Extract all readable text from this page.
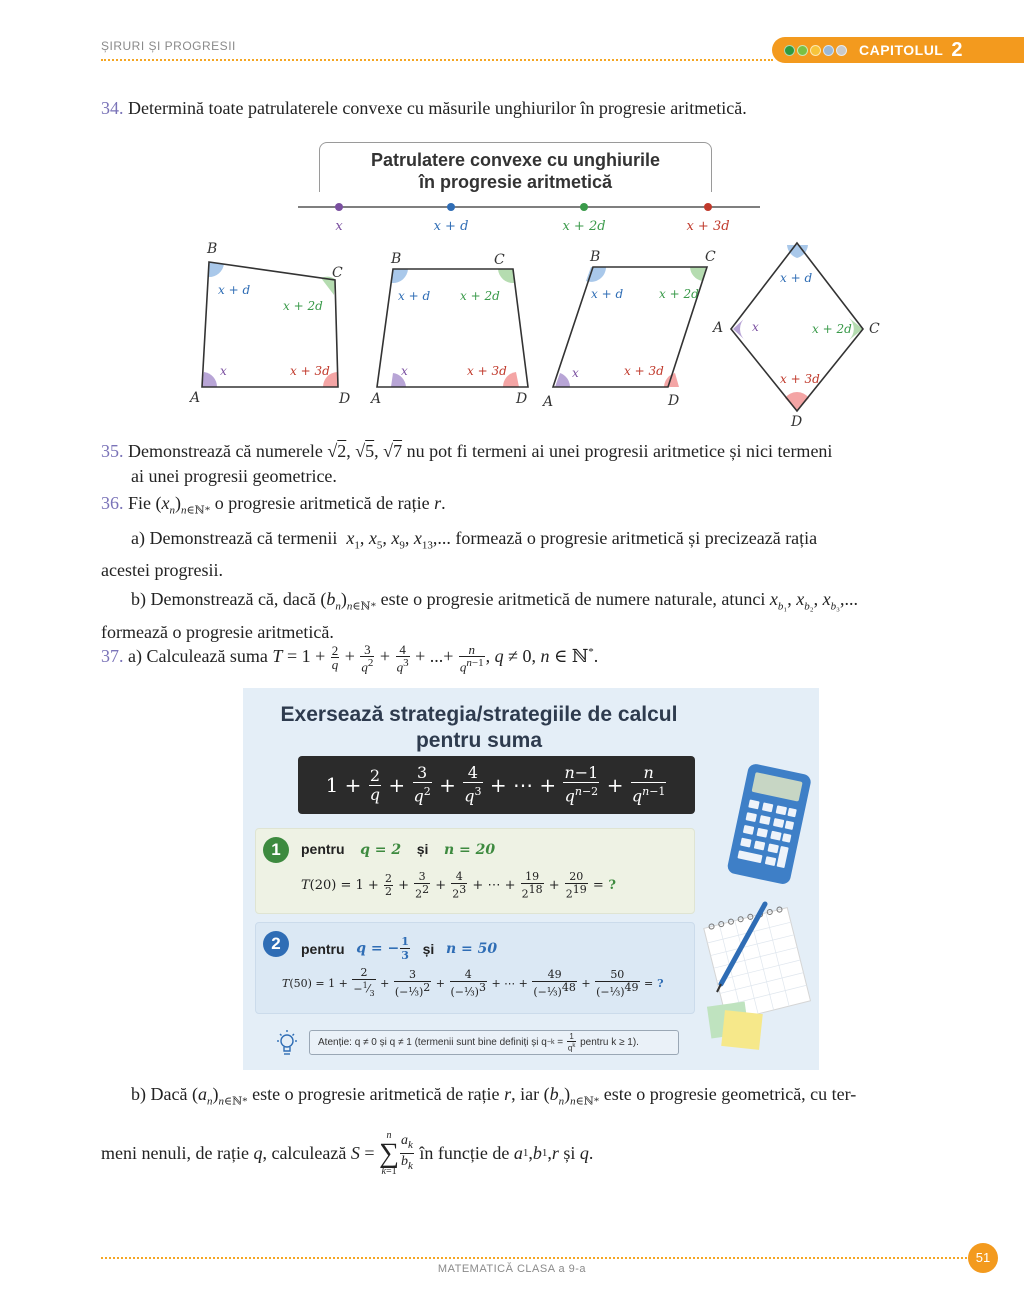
ȘIRURI ȘI PROGRESII	CAPITOLUL 2
34. Determină toate patrulaterele convexe cu măsurile unghiurilor în progresie aritmetică.
Patrulatere convexe cu unghiurile
în progresie aritmetică
x	x + d	x + 2d	x + 3d
x + d
x + 2d
x	x + 3d
B
C
A	D
x + d x + 2d
x	x + 3d
B	C
A	D
x + d	x + 2d
x	x + 3d
B	C
A	D
x + d
x	x + 2d
x + 3d
A	C
D
35. Demonstrează că numerele √2, √5, √7 nu pot fi termeni ai unei progresii aritmetice și nici termeni
ai unei progresii geometrice.
36. Fie $(x_n)_{n\in ℕ*}$ o progresie aritmetică de rație r.
a) Demonstrează că termenii  $x_1$, $x_5$, $x_9$, $x_{13}$,... formează o progresie aritmetică și precizează rația
acestei progresii.
b) Demonstrează că, dacă $(b_n)_{n\in ℕ*}$ este o progresie aritmetică de numere naturale, atunci $x_{b_1}$, $x_{b_2}$, $x_{b_3}$,...
formează o progresie aritmetică.
37. a) Calculează suma $T = 1 + \frac{2}{q} + \frac{3}{q^2} + \frac{4}{q^3}$ + ...+ $\frac{n}{q^{n-1}}$ , q ≠ 0, n ∈ ℕ*.
Exersează strategia/strategiile de calcul
pentru suma
$1 + \frac{2}{q} + \frac{3}{q^2} + \frac{4}{q^3}$ + ⋯ + $\frac{n-1}{q^{n-2}} + \frac{n}{q^{n-1}}$
1	pentru q = 2 și n = 20
T $(20) = 1 + \frac{2}{2} + \frac{3}{2^2} + \frac{4}{2^3}$ + ⋯ + $\frac{19}{2^{18}} + \frac{20}{2^{19}}$ = ?
2	pentru
q = − $\frac{1}{3}$
și
n = 50
T $(50) = 1 + \frac{2}{-^1⁄_3} + \frac{3}{(-\frac{1}{3})^2} + \frac{4}{(-\frac{1}{3})^3}$ + ⋯ + $\frac{49}{(-\frac{1}{3})^{48}} + \frac{50}{(-\frac{1}{3})^{49}}$ = ?
Atenție: q ≠ 0 și q ≠ 1 (termenii sunt bine definiți și $q -k = \frac{1}{q^k}$
pentru k ≥ 1).
b) Dacă $(a_n)_{n\in ℕ*}$ este o progresie aritmetică de rație r, iar $(b_n)_{n\in ℕ*}$ este o progresie geometrică, cu ter-
meni nenuli, de rație
q , calculează
S =
n
∑
$k=1 \frac{a_k}{b_k}$
în funcție de
a 1 , b 1 , r
și
q .
MATEMATICĂ CLASA a 9-a
51
